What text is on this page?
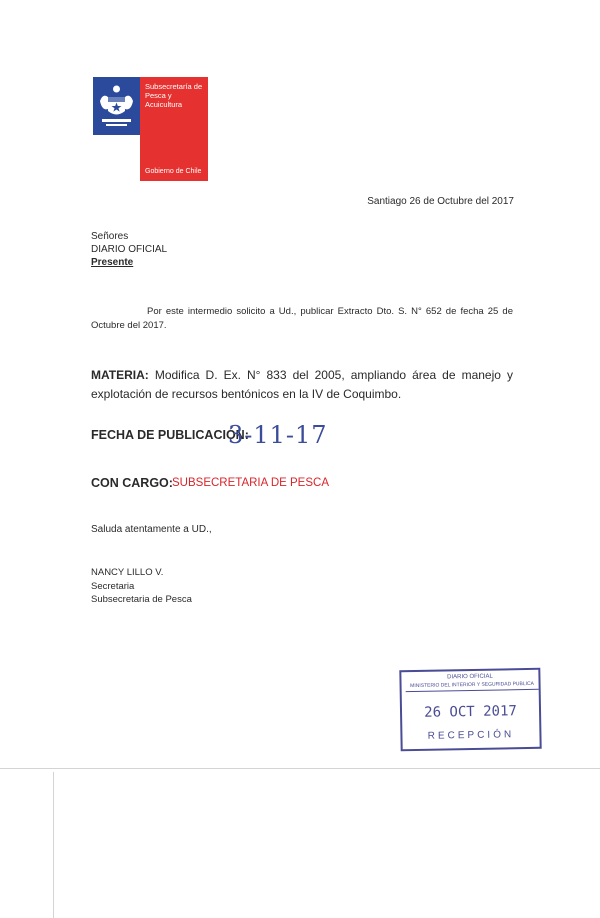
Subsecretaría de Pesca y Acuicultura
Gobierno de Chile
Santiago 26 de Octubre del 2017
Señores
DIARIO OFICIAL
Presente
Por este intermedio solicito a Ud., publicar Extracto Dto. S. N° 652 de fecha 25 de Octubre del 2017.
MATERIA: Modifica D. Ex. N° 833 del 2005, ampliando área de manejo y explotación de recursos bentónicos en la IV de Coquimbo.
FECHA DE PUBLICACIÓN:
3-11-17
CON CARGO: SUBSECRETARIA DE PESCA
Saluda atentamente a UD.,
NANCY LILLO V.
Secretaria
Subsecretaria de Pesca
DIARIO OFICIAL
MINISTERIO DEL INTERIOR Y SEGURIDAD PUBLICA
26 OCT 2017
RECEPCIÓN
